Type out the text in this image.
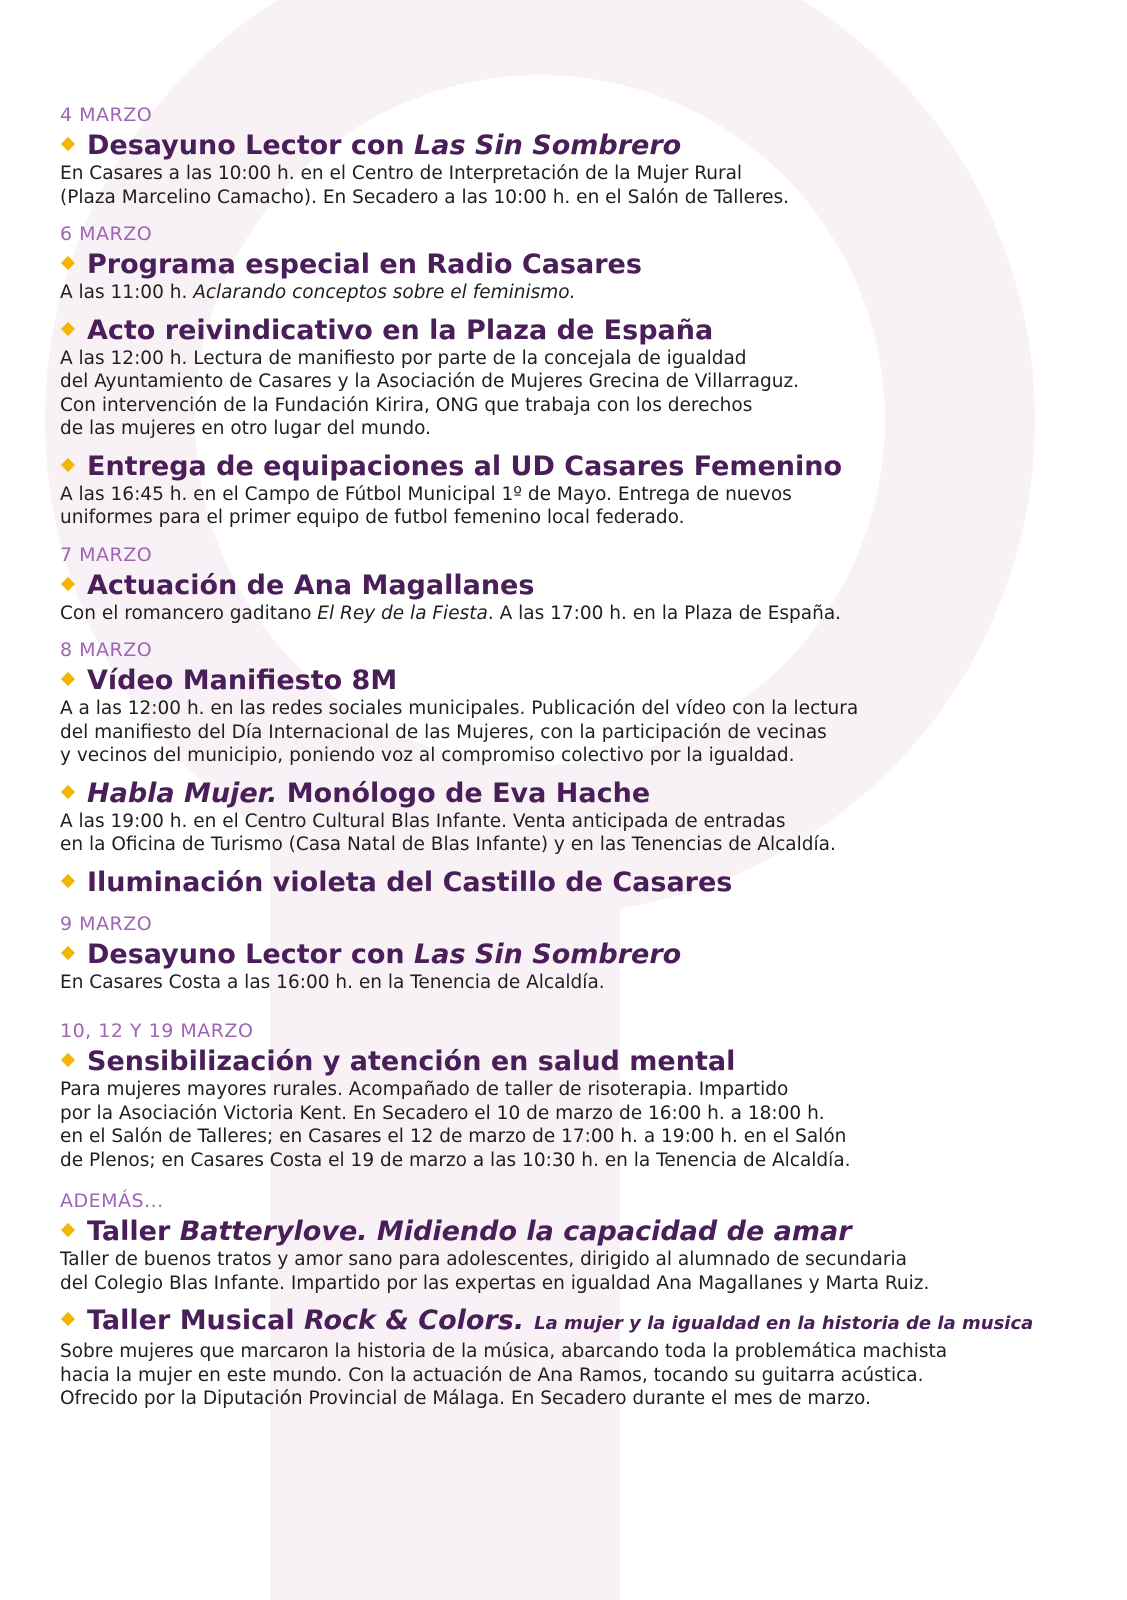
4 MARZO
Desayuno Lector con Las Sin Sombrero
En Casares a las 10:00 h. en el Centro de Interpretación de la Mujer Rural
(Plaza Marcelino Camacho). En Secadero a las 10:00 h. en el Salón de Talleres.
6 MARZO
Programa especial en Radio Casares
A las 11:00 h. Aclarando conceptos sobre el feminismo.
Acto reivindicativo en la Plaza de España
A las 12:00 h. Lectura de manifiesto por parte de la concejala de igualdad
del Ayuntamiento de Casares y la Asociación de Mujeres Grecina de Villarraguz.
Con intervención de la Fundación Kirira, ONG que trabaja con los derechos
de las mujeres en otro lugar del mundo.
Entrega de equipaciones al UD Casares Femenino
A las 16:45 h. en el Campo de Fútbol Municipal 1º de Mayo. Entrega de nuevos
uniformes para el primer equipo de futbol femenino local federado.
7 MARZO
Actuación de Ana Magallanes
Con el romancero gaditano El Rey de la Fiesta. A las 17:00 h. en la Plaza de España.
8 MARZO
Vídeo Manifiesto 8M
A a las 12:00 h. en las redes sociales municipales. Publicación del vídeo con la lectura
del manifiesto del Día Internacional de las Mujeres, con la participación de vecinas
y vecinos del municipio, poniendo voz al compromiso colectivo por la igualdad.
Habla Mujer. Monólogo de Eva Hache
A las 19:00 h. en el Centro Cultural Blas Infante. Venta anticipada de entradas
en la Oficina de Turismo (Casa Natal de Blas Infante) y en las Tenencias de Alcaldía.
Iluminación violeta del Castillo de Casares
9 MARZO
Desayuno Lector con Las Sin Sombrero
En Casares Costa a las 16:00 h. en la Tenencia de Alcaldía.
10, 12 Y 19 MARZO
Sensibilización y atención en salud mental
Para mujeres mayores rurales. Acompañado de taller de risoterapia. Impartido
por la Asociación Victoria Kent. En Secadero el 10 de marzo de 16:00 h. a 18:00 h.
en el Salón de Talleres; en Casares el 12 de marzo de 17:00 h. a 19:00 h. en el Salón
de Plenos; en Casares Costa el 19 de marzo a las 10:30 h. en la Tenencia de Alcaldía.
ADEMÁS...
Taller Batterylove. Midiendo la capacidad de amar
Taller de buenos tratos y amor sano para adolescentes, dirigido al alumnado de secundaria
del Colegio Blas Infante. Impartido por las expertas en igualdad Ana Magallanes y Marta Ruiz.
Taller Musical Rock & Colors. La mujer y la igualdad en la historia de la musica
Sobre mujeres que marcaron la historia de la música, abarcando toda la problemática machista
hacia la mujer en este mundo. Con la actuación de Ana Ramos, tocando su guitarra acústica.
Ofrecido por la Diputación Provincial de Málaga. En Secadero durante el mes de marzo.
